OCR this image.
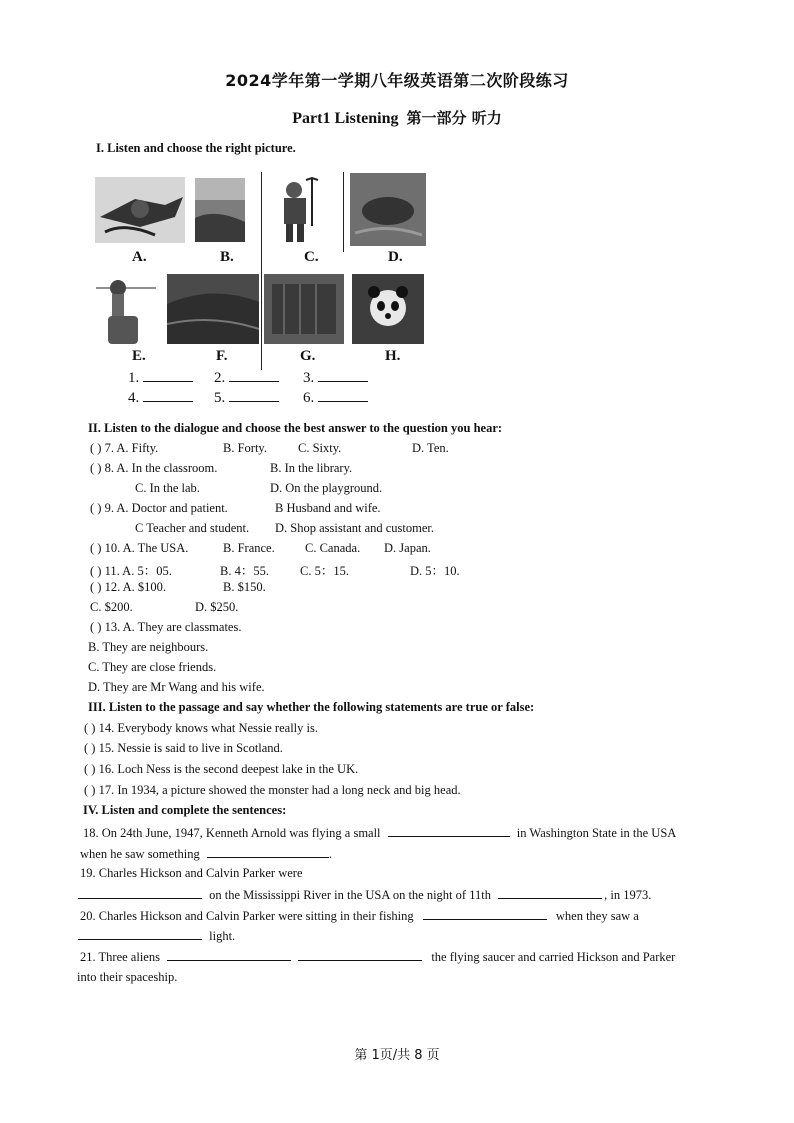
2024学年第一学期八年级英语第二次阶段练习
Part1 Listening 第一部分 听力
I. Listen and choose the right picture.
A.	B.	C.	D.
E.	F.	G.	H.
1.	2.	3.
4.	5.	6.
II. Listen to the dialogue and choose the best answer to the question you hear:
( ) 7. A. Fifty.	B. Forty. C. Sixty.	D. Ten.
( ) 8. A. In the classroom.	B. In the library.
C. In the lab.	D. On the playground.
( ) 9. A. Doctor and patient.	B Husband and wife.
C Teacher and student. D. Shop assistant and customer.
( ) 10. A. The USA.	B. France. C. Canada. D. Japan.
( ) 11. A. 5：05.	B. 4：55. C. 5：15.	D. 5：10.
( ) 12. A. $100.	B. $150.
C. $200.	D. $250.
( ) 13. A. They are classmates.
B. They are neighbours.
C. They are close friends.
D. They are Mr Wang and his wife.
III. Listen to the passage and say whether the following statements are true or false:
( ) 14. Everybody knows what Nessie really is.
( ) 15. Nessie is said to live in Scotland.
( ) 16. Loch Ness is the second deepest lake in the UK.
( ) 17. In 1934, a picture showed the monster had a long neck and big head.
IV. Listen and complete the sentences:
18. On 24th June, 1947, Kenneth Arnold was flying a small	in Washington State in the USA
when he saw something	.
19. Charles Hickson and Calvin Parker were
on the Mississippi River in the USA on the night of 11th	, in 1973.
20. Charles Hickson and Calvin Parker were sitting in their fishing	when they saw a
light.
21. Three aliens	the flying saucer and carried Hickson and Parker
into their spaceship.
第 1页/共 8 页
